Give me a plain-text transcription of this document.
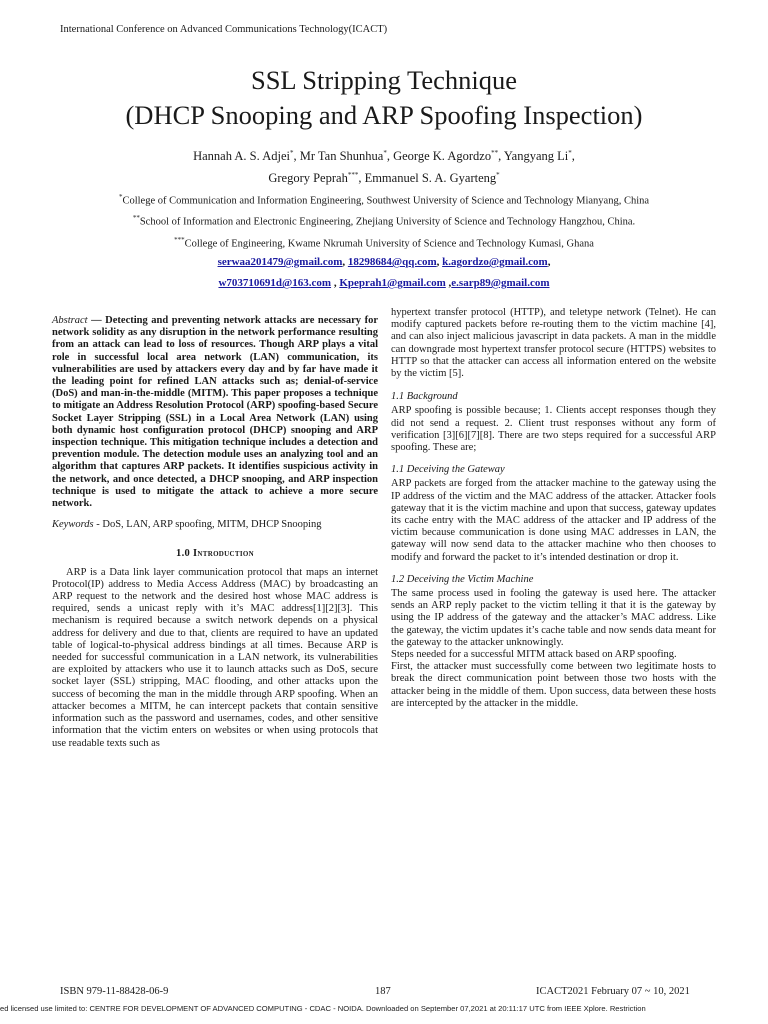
International Conference on Advanced Communications Technology(ICACT)
SSL Stripping Technique
(DHCP Snooping and ARP Spoofing Inspection)
Hannah A. S. Adjei*, Mr Tan Shunhua*, George K. Agordzo**, Yangyang Li*,
Gregory Peprah***, Emmanuel S. A. Gyarteng*
*College of Communication and Information Engineering, Southwest University of Science and Technology Mianyang, China
**School of Information and Electronic Engineering, Zhejiang University of Science and Technology Hangzhou, China.
***College of Engineering, Kwame Nkrumah University of Science and Technology Kumasi, Ghana
serwaa201479@gmail.com, 18298684@qq.com, k.agordzo@gmail.com,
w703710691d@163.com , Kpeprah1@gmail.com ,e.sarp89@gmail.com

Abstract — Detecting and preventing network attacks are necessary for network solidity as any disruption in the network performance resulting from an attack can lead to loss of resources. Though ARP plays a vital role in successful local area network (LAN) communication, its vulnerabilities are used by attackers every day and by far have made it the leading point for refined LAN attacks such as; denial-of-service (DoS) and man-in-the-middle (MITM). This paper proposes a technique to mitigate an Address Resolution Protocol (ARP) spoofing-based Secure Socket Layer Stripping (SSL) in a Local Area Network (LAN) using both dynamic host configuration protocol (DHCP) snooping and ARP inspection technique. This mitigation technique includes a detection and prevention module. The detection module uses an analyzing tool and an algorithm that captures ARP packets. It identifies suspicious activity in the network, and once detected, a DHCP snooping, and ARP inspection technique is used to mitigate the attack to achieve a more secure network.

Keywords - DoS, LAN, ARP spoofing, MITM, DHCP Snooping

1.0 Introduction

ARP is a Data link layer communication protocol that maps an internet Protocol(IP) address to Media Access Address (MAC) by broadcasting an ARP request to the network and the desired host whose MAC address is required, sends a unicast reply with it’s MAC address[1][2][3]. This mechanism is required because a switch network depends on a physical address for delivery and due to that, clients are required to have an updated table of logical-to-physical address bindings at all times. Because ARP is needed for successful communication in a LAN network, its vulnerabilities are exploited by attackers who use it to launch attacks such as DoS, secure socket layer (SSL) stripping, MAC flooding, and other attacks upon the success of becoming the man in the middle through ARP spoofing. When an attacker becomes a MITM, he can intercept packets that contain sensitive information such as the password and usernames, codes, and other sensitive information that the victim enters on websites or when using protocols that use readable texts such as

hypertext transfer protocol (HTTP), and teletype network (Telnet). He can modify captured packets before re-routing them to the victim machine [4], and can also inject malicious javascript in data packets. A man in the middle can downgrade most hypertext transfer protocol secure (HTTPS) websites to HTTP so that the attacker can access all information entered on the website by the victim [5].

1.1 Background

ARP spoofing is possible because; 1. Clients accept responses though they did not send a request. 2. Client trust responses without any form of verification [3][6][7][8]. There are two steps required for a successful ARP spoofing. These are;

1.1 Deceiving the Gateway

ARP packets are forged from the attacker machine to the gateway using the IP address of the victim and the MAC address of the attacker. Attacker fools gateway that it is the victim machine and upon that success, gateway updates its cache entry with the MAC address of the attacker and IP address of the victim because communication is done using MAC addresses in LAN, the gateway will now send data to the attacker machine who then chooses to modify and forward the packet to it’s intended destination or drop it.

1.2 Deceiving the Victim Machine

The same process used in fooling the gateway is used here. The attacker sends an ARP reply packet to the victim telling it that it is the gateway by using the IP address of the gateway and the attacker’s MAC address. Like the gateway, the victim updates it’s cache table and now sends data meant for the gateway to the attacker unknowingly.

Steps needed for a successful MITM attack based on ARP spoofing.

First, the attacker must successfully come between two legitimate hosts to break the direct communication point between those two hosts with the attacker being in the middle of them. Upon success, data between these hosts are intercepted by the attacker in the middle.

ISBN 979-11-88428-06-9	187	ICACT2021 February 07 ~ 10, 2021
ed licensed use limited to: CENTRE FOR DEVELOPMENT OF ADVANCED COMPUTING - CDAC - NOIDA. Downloaded on September 07,2021 at 20:11:17 UTC from IEEE Xplore. Restriction
